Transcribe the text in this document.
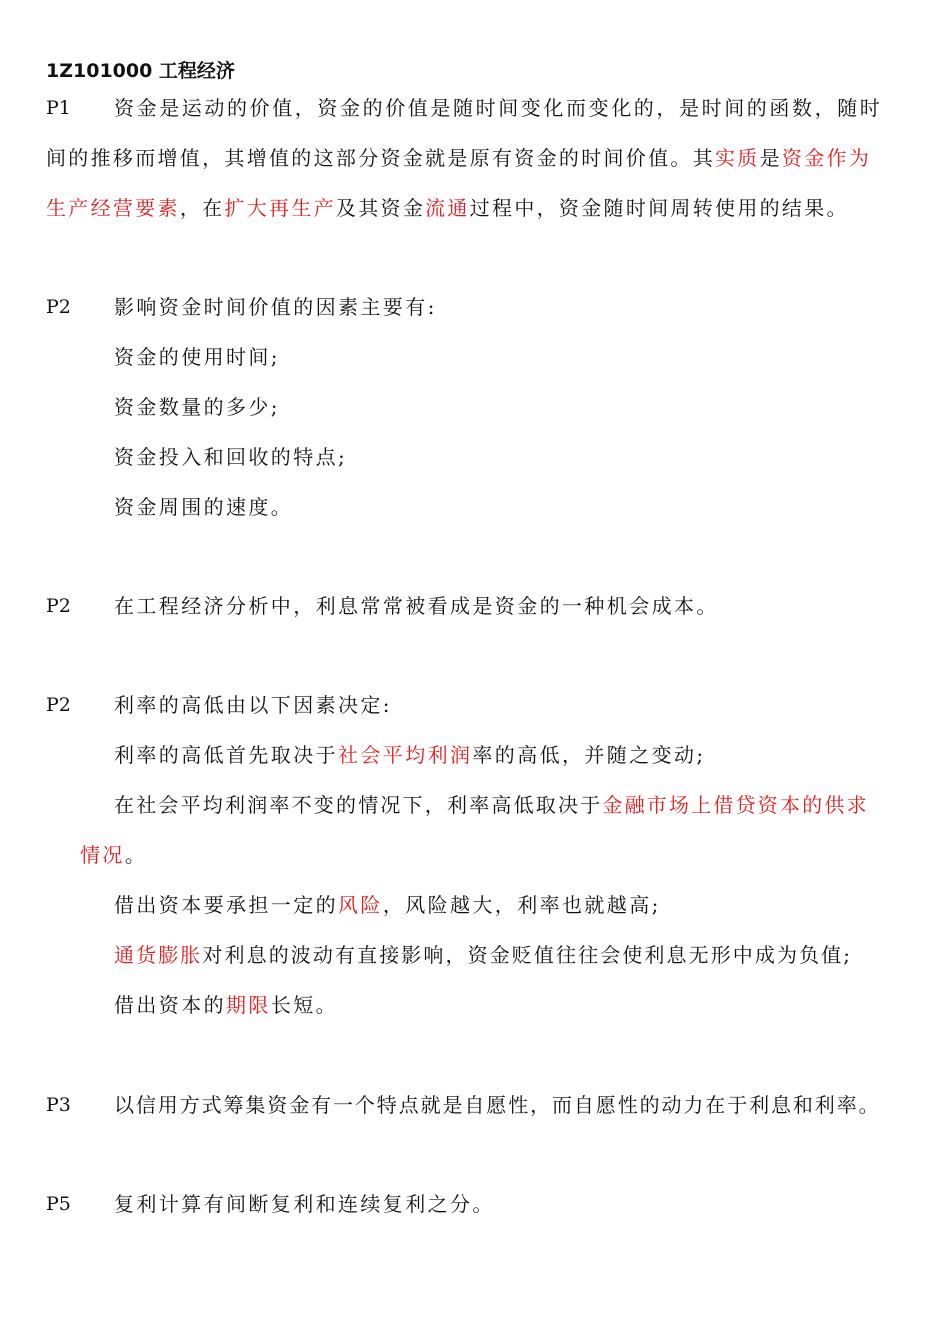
1Z101000 工程经济
P1 资金是运动的价值，资金的价值是随时间变化而变化的，是时间的函数，随时
间的推移而增值，其增值的这部分资金就是原有资金的时间价值。其实质是资金作为
生产经营要素，在扩大再生产及其资金流通过程中，资金随时间周转使用的结果。
P2 影响资金时间价值的因素主要有:
资金的使用时间;
资金数量的多少;
资金投入和回收的特点;
资金周围的速度。
P2 在工程经济分析中，利息常常被看成是资金的一种机会成本。
P2 利率的高低由以下因素决定:
利率的高低首先取决于社会平均利润率的高低，并随之变动;
在社会平均利润率不变的情况下，利率高低取决于金融市场上借贷资本的供求
情况。
借出资本要承担一定的风险，风险越大，利率也就越高;
通货膨胀对利息的波动有直接影响，资金贬值往往会使利息无形中成为负值;
借出资本的期限长短。
P3 以信用方式筹集资金有一个特点就是自愿性，而自愿性的动力在于利息和利率。
P5 复利计算有间断复利和连续复利之分。
